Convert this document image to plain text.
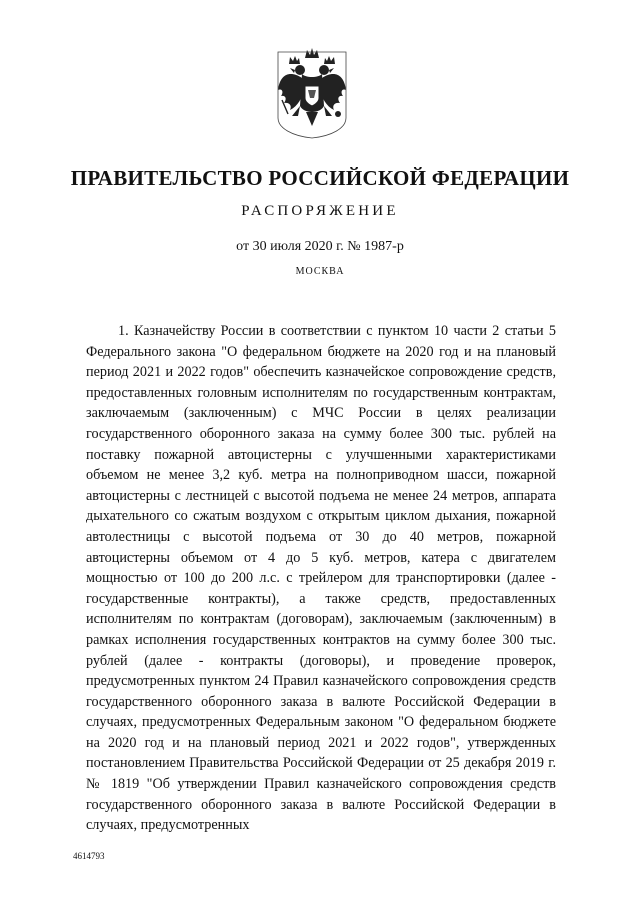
ПРАВИТЕЛЬСТВО РОССИЙСКОЙ ФЕДЕРАЦИИ
РАСПОРЯЖЕНИЕ
от 30 июля 2020 г. № 1987-р
МОСКВА

1. Казначейству России в соответствии с пунктом 10 части 2 статьи 5 Федерального закона "О федеральном бюджете на 2020 год и на плановый период 2021 и 2022 годов" обеспечить казначейское сопровождение средств, предоставленных головным исполнителям по государственным контрактам, заключаемым (заключенным) с МЧС России в целях реализации государственного оборонного заказа на сумму более 300 тыс. рублей на поставку пожарной автоцистерны с улучшенными характеристиками объемом не менее 3,2 куб. метра на полноприводном шасси, пожарной автоцистерны с лестницей с высотой подъема не менее 24 метров, аппарата дыхательного со сжатым воздухом с открытым циклом дыхания, пожарной автолестницы с высотой подъема от 30 до 40 метров, пожарной автоцистерны объемом от 4 до 5 куб. метров, катера с двигателем мощностью от 100 до 200 л.с. с трейлером для транспортировки (далее - государственные контракты), а также средств, предоставленных исполнителям по контрактам (договорам), заключаемым (заключенным) в рамках исполнения государственных контрактов на сумму более 300 тыс. рублей (далее - контракты (договоры), и проведение проверок, предусмотренных пунктом 24 Правил казначейского сопровождения средств государственного оборонного заказа в валюте Российской Федерации в случаях, предусмотренных Федеральным законом "О федеральном бюджете на 2020 год и на плановый период 2021 и 2022 годов", утвержденных постановлением Правительства Российской Федерации от 25 декабря 2019 г. № 1819 "Об утверждении Правил казначейского сопровождения средств государственного оборонного заказа в валюте Российской Федерации в случаях, предусмотренных

4614793
